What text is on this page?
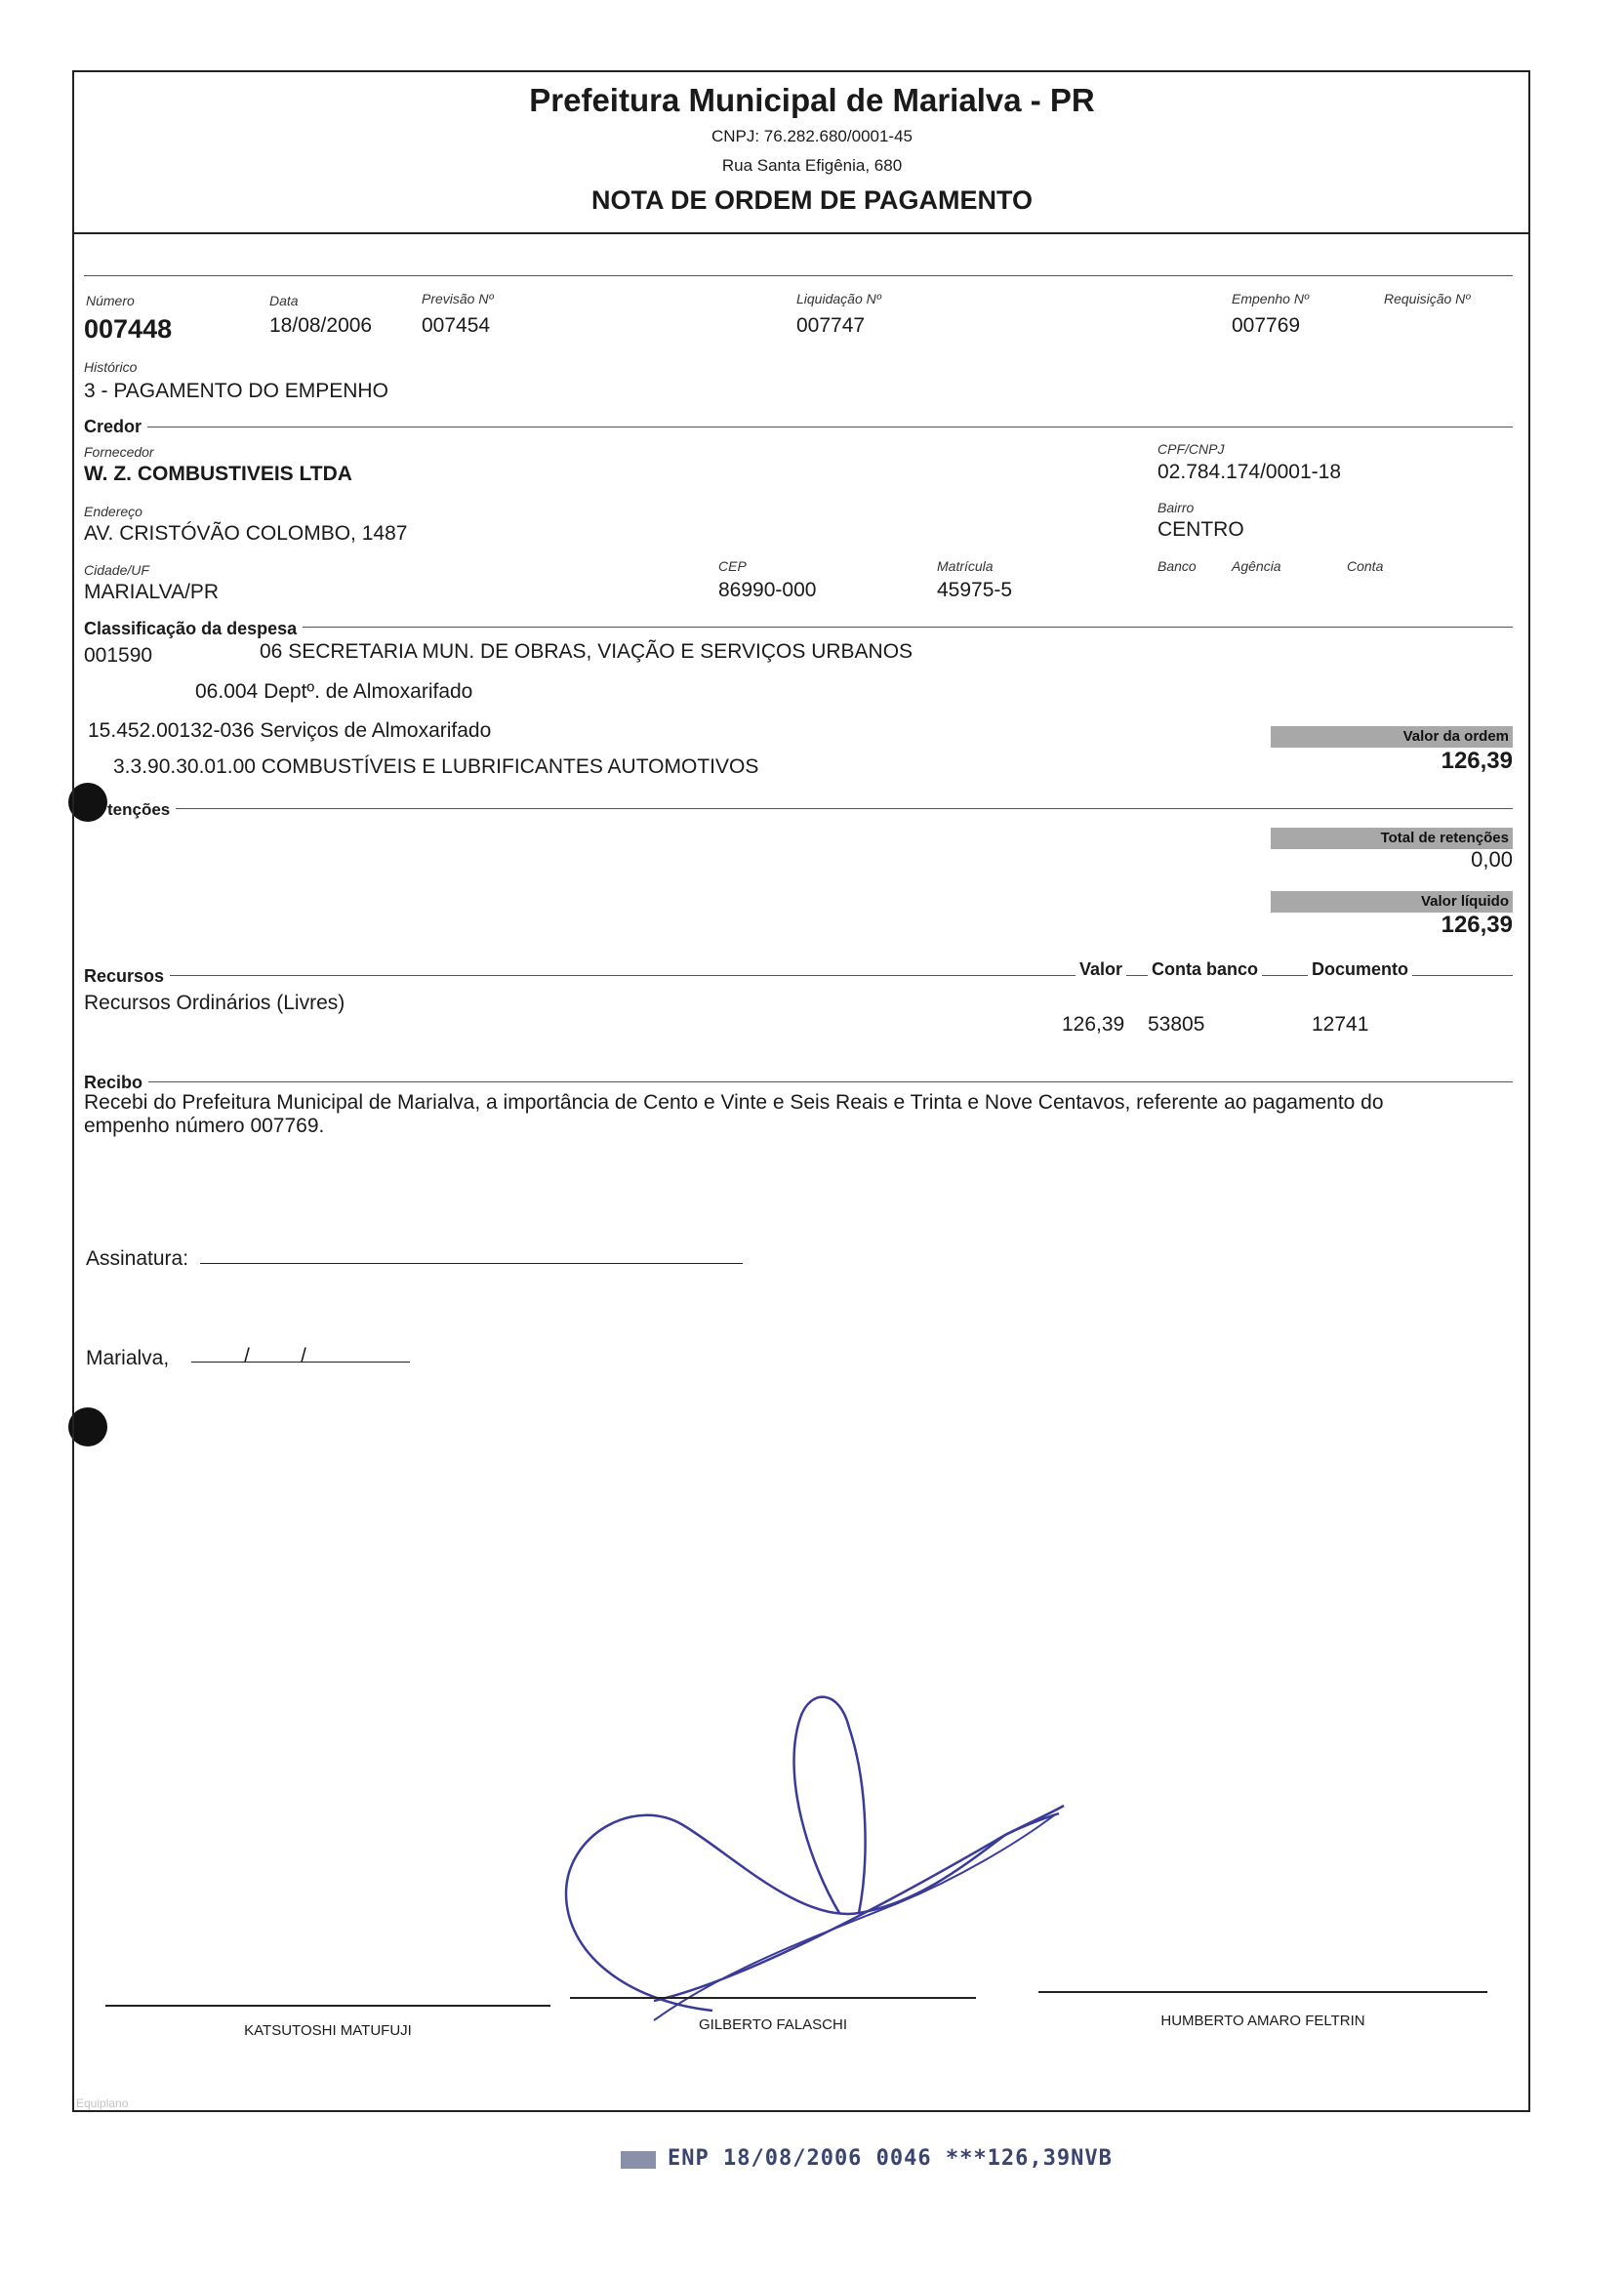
Prefeitura Municipal de Marialva - PR
CNPJ: 76.282.680/0001-45
Rua Santa Efigênia, 680
NOTA DE ORDEM DE PAGAMENTO
Número
007448
Data
18/08/2006
Previsão Nº
007454
Liquidação Nº
007747
Empenho Nº
007769
Requisição Nº
Histórico
3 - PAGAMENTO DO EMPENHO
Credor
Fornecedor
W. Z. COMBUSTIVEIS LTDA
CPF/CNPJ
02.784.174/0001-18
Endereço
AV. CRISTÓVÃO COLOMBO, 1487
Bairro
CENTRO
Cidade/UF
MARIALVA/PR
CEP
86990-000
Matrícula
45975-5
Banco	Agência	Conta
Classificação da despesa
001590	06 SECRETARIA MUN. DE OBRAS, VIAÇÃO E SERVIÇOS URBANOS
06.004 Deptº. de Almoxarifado
15.452.00132-036 Serviços de Almoxarifado
3.3.90.30.01.00 COMBUSTÍVEIS E LUBRIFICANTES AUTOMOTIVOS
Valor da ordem
126,39
tenções
Total de retenções
0,00
Valor líquido
126,39
Recursos	Valor Conta banco	Documento
Recursos Ordinários (Livres)
126,39 53805	12741
Recibo
Recebi do Prefeitura Municipal de Marialva, a importância de Cento e Vinte e Seis Reais e Trinta e Nove Centavos, referente ao pagamento do
empenho número 007769.
Assinatura:
Marialva,	/ /
KATSUTOSHI MATUFUJI	GILBERTO FALASCHI	HUMBERTO AMARO FELTRIN
Equiplano
ENP 18/08/2006 0046 ***126,39NVB
